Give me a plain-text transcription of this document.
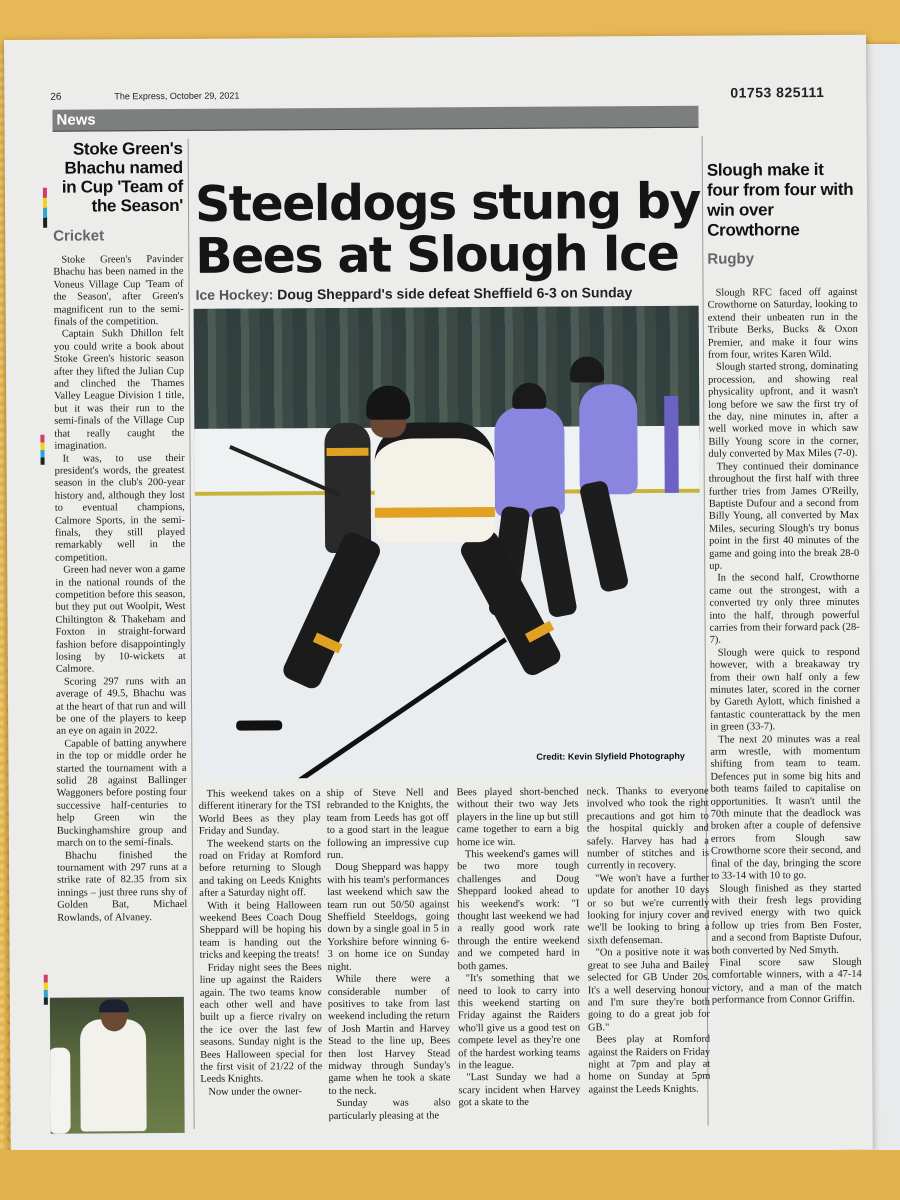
26	The Express, October 29, 2021	01753 825111
News
Stoke Green's Bhachu named in Cup 'Team of the Season'
Cricket

Stoke Green's Pavinder Bhachu has been named in the Voneus Village Cup 'Team of the Season', after Green's magnificent run to the semi-finals of the competition.

Captain Sukh Dhillon felt you could write a book about Stoke Green's historic season after they lifted the Julian Cup and clinched the Thames Valley League Division 1 title, but it was their run to the semi-finals of the Village Cup that really caught the imagination.

It was, to use their president's words, the greatest season in the club's 200-year history and, although they lost to eventual champions, Calmore Sports, in the semi-finals, they still played remarkably well in the competition.

Green had never won a game in the national rounds of the competition before this season, but they put out Woolpit, West Chiltington & Thakeham and Foxton in straight-forward fashion before disappointingly losing by 10-wickets at Calmore.

Scoring 297 runs with an average of 49.5, Bhachu was at the heart of that run and will be one of the players to keep an eye on again in 2022.

Capable of batting anywhere in the top or middle order he started the tournament with a solid 28 against Ballinger Waggoners before posting four successive half-centuries to help Green win the Buckinghamshire group and march on to the semi-finals.

Bhachu finished the tournament with 297 runs at a strike rate of 82.35 from six innings – just three runs shy of Golden Bat, Michael Rowlands, of Alvaney.

Steeldogs stung by Bees at Slough Ice
Ice Hockey: Doug Sheppard's side defeat Sheffield 6-3 on Sunday
Credit: Kevin Slyfield Photography

This weekend takes on a different itinerary for the TSI World Bees as they play Friday and Sunday.

The weekend starts on the road on Friday at Romford before returning to Slough and taking on Leeds Knights after a Saturday night off.

With it being Halloween weekend Bees Coach Doug Sheppard will be hoping his team is handing out the tricks and keeping the treats!

Friday night sees the Bees line up against the Raiders again. The two teams know each other well and have built up a fierce rivalry on the ice over the last few seasons. Sunday night is the Bees Halloween special for the first visit of 21/22 of the Leeds Knights.

Now under the owner-

ship of Steve Nell and rebranded to the Knights, the team from Leeds has got off to a good start in the league following an impressive cup run.

Doug Sheppard was happy with his team's performances last weekend which saw the team run out 50/50 against Sheffield Steeldogs, going down by a single goal in 5 in Yorkshire before winning 6-3 on home ice on Sunday night.

While there were a considerable number of positives to take from last weekend including the return of Josh Martin and Harvey Stead to the line up, Bees then lost Harvey Stead midway through Sunday's game when he took a skate to the neck.

Sunday was also particularly pleasing at the

Bees played short-benched without their two way Jets players in the line up but still came together to earn a big home ice win.

This weekend's games will be two more tough challenges and Doug Sheppard looked ahead to his weekend's work: "I thought last weekend we had a really good work rate through the entire weekend and we competed hard in both games.

"It's something that we need to look to carry into this weekend starting on Friday against the Raiders who'll give us a good test on compete level as they're one of the hardest working teams in the league.

"Last Sunday we had a scary incident when Harvey got a skate to the

neck. Thanks to everyone involved who took the right precautions and got him to the hospital quickly and safely. Harvey has had a number of stitches and is currently in recovery.

"We won't have a further update for another 10 days or so but we're currently looking for injury cover and we'll be looking to bring a sixth defenseman.

"On a positive note it was great to see Juha and Bailey selected for GB Under 20s. It's a well deserving honour and I'm sure they're both going to do a great job for GB."

Bees play at Romford against the Raiders on Friday night at 7pm and play at home on Sunday at 5pm against the Leeds Knights.

Slough make it four from four with win over Crowthorne
Rugby

Slough RFC faced off against Crowthorne on Saturday, looking to extend their unbeaten run in the Tribute Berks, Bucks & Oxon Premier, and make it four wins from four, writes Karen Wild.

Slough started strong, dominating procession, and showing real physicality upfront, and it wasn't long before we saw the first try of the day, nine minutes in, after a well worked move in which saw Billy Young score in the corner, duly converted by Max Miles (7-0).

They continued their dominance throughout the first half with three further tries from James O'Reilly, Baptiste Dufour and a second from Billy Young, all converted by Max Miles, securing Slough's try bonus point in the first 40 minutes of the game and going into the break 28-0 up.

In the second half, Crowthorne came out the strongest, with a converted try only three minutes into the half, through powerful carries from their forward pack (28-7).

Slough were quick to respond however, with a breakaway try from their own half only a few minutes later, scored in the corner by Gareth Aylott, which finished a fantastic counterattack by the men in green (33-7).

The next 20 minutes was a real arm wrestle, with momentum shifting from team to team. Defences put in some big hits and both teams failed to capitalise on opportunities. It wasn't until the 70th minute that the deadlock was broken after a couple of defensive errors from Slough saw Crowthorne score their second, and final of the day, bringing the score to 33-14 with 10 to go.

Slough finished as they started with their fresh legs providing revived energy with two quick follow up tries from Ben Foster, and a second from Baptiste Dufour, both converted by Ned Smyth.

Final score saw Slough comfortable winners, with a 47-14 victory, and a man of the match performance from Connor Griffin.
